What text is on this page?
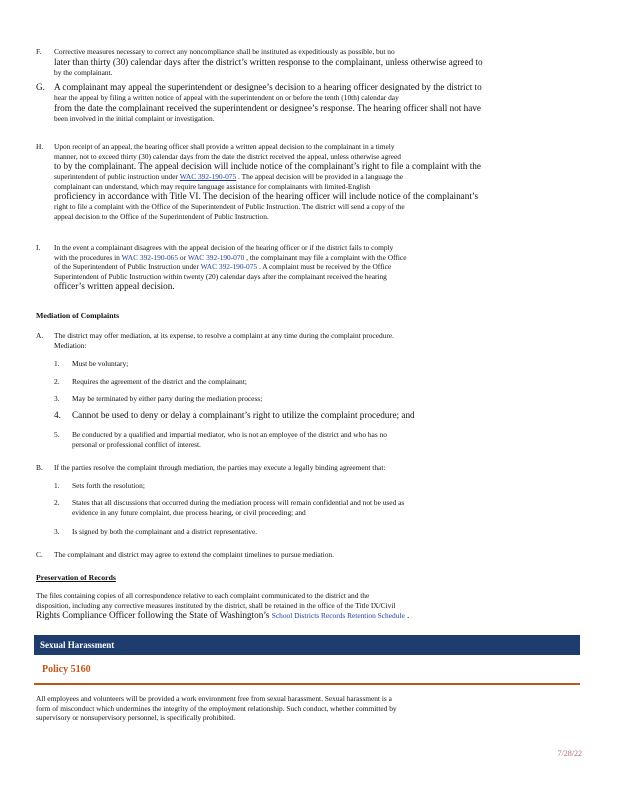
F.	Corrective measures necessary to correct any noncompliance shall be instituted as expeditiously as possible, but no
later than thirty (30) calendar days after the district’s written response to the complainant, unless otherwise agreed to
by the complainant.
G. A complainant may appeal the superintendent or designee’s decision to a hearing officer designated by the district to
hear the appeal by filing a written notice of appeal with the superintendent on or before the tenth (10th) calendar day
from the date the complainant received the superintendent or designee’s response. The hearing officer shall not have
been involved in the initial complaint or investigation.
H.	Upon receipt of an appeal, the hearing officer shall provide a written appeal decision to the complainant in a timely
manner, not to exceed thirty (30) calendar days from the date the district received the appeal, unless otherwise agreed
to by the complainant. The appeal decision will include notice of the complainant’s right to file a complaint with the
superintendent of public instruction under WAC 392-190-075 . The appeal decision will be provided in a language the
complainant can understand, which may require language assistance for complainants with limited-English
proficiency in accordance with Title VI. The decision of the hearing officer will include notice of the complainant’s
right to file a complaint with the Office of the Superintendent of Public Instruction. The district will send a copy of the
appeal decision to the Office of the Superintendent of Public Instruction.
I.	In the event a complainant disagrees with the appeal decision of the hearing officer or if the district fails to comply
with the procedures in WAC 392-190-065 or WAC 392-190-070 , the complainant may file a complaint with the Office
of the Superintendent of Public Instruction under WAC 392-190-075 . A complaint must be received by the Office
Superintendent of Public Instruction within twenty (20) calendar days after the complainant received the hearing
officer’s written appeal decision.
Mediation of Complaints
A.	The district may offer mediation, at its expense, to resolve a complaint at any time during the complaint procedure.
Mediation:
1.	Must be voluntary;
2.	Requires the agreement of the district and the complainant;
3.	May be terminated by either party during the mediation process;
4.	Cannot be used to deny or delay a complainant’s right to utilize the complaint procedure; and
5.	Be conducted by a qualified and impartial mediator, who is not an employee of the district and who has no
personal or professional conflict of interest.
B.	If the parties resolve the complaint through mediation, the parties may execute a legally binding agreement that:
1.	Sets forth the resolution;
2.	States that all discussions that occurred during the mediation process will remain confidential and not be used as
evidence in any future complaint, due process hearing, or civil proceeding; and
3.	Is signed by both the complainant and a district representative.
C.	The complainant and district may agree to extend the complaint timelines to pursue mediation.
Preservation of Records
The files containing copies of all correspondence relative to each complaint communicated to the district and the
disposition, including any corrective measures instituted by the district, shall be retained in the office of the Title IX/Civil
Rights Compliance Officer following the State of Washington’s School Districts Records Retention Schedule .
Sexual Harassment
Policy 5160
All employees and volunteers will be provided a work environment free from sexual harassment. Sexual harassment is a
form of misconduct which undermines the integrity of the employment relationship. Such conduct, whether committed by
supervisory or nonsupervisory personnel, is specifically prohibited.
7/28/22
